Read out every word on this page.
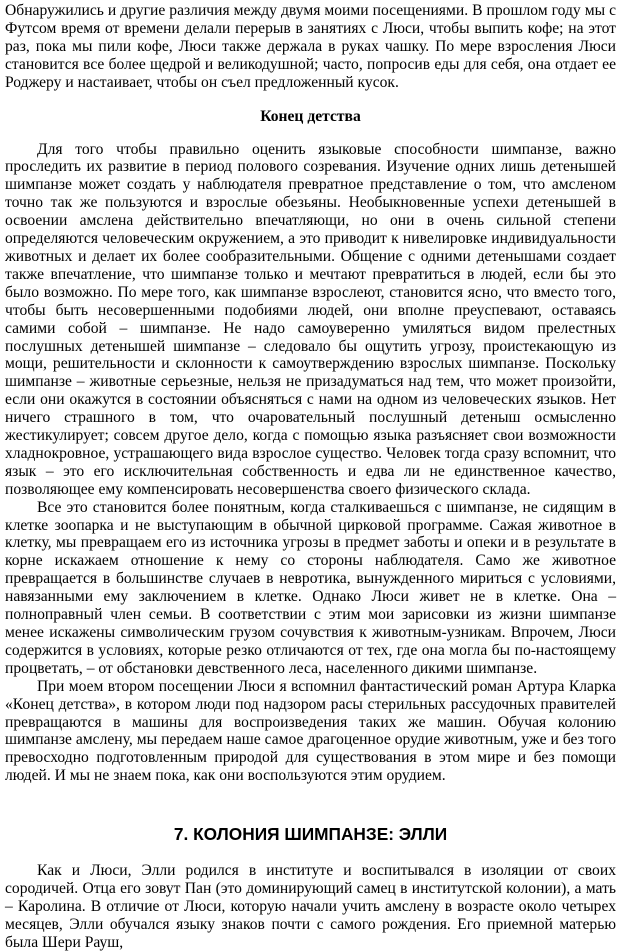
Обнаружились и другие различия между двумя моими посещениями. В прошлом году мы с Футсом время от времени делали перерыв в занятиях с Люси, чтобы выпить кофе; на этот раз, пока мы пили кофе, Люси также держала в руках чашку. По мере взросления Люси становится все более щедрой и великодушной; часто, попросив еды для себя, она отдает ее Роджеру и настаивает, чтобы он съел предложенный кусок.

Конец детства

Для того чтобы правильно оценить языковые способности шимпанзе, важно проследить их развитие в период полового созревания. Изучение одних лишь детенышей шимпанзе может создать у наблюдателя превратное представление о том, что амсленом точно так же пользуются и взрослые обезьяны. Необыкновенные успехи детенышей в освоении амслена действительно впечатляющи, но они в очень сильной степени определяются человеческим окружением, а это приводит к нивелировке индивидуальности животных и делает их более сообразительными. Общение с одними детенышами создает также впечатление, что шимпанзе только и мечтают превратиться в людей, если бы это было возможно. По мере того, как шимпанзе взрослеют, становится ясно, что вместо того, чтобы быть несовершенными подобиями людей, они вполне преуспевают, оставаясь самими собой – шимпанзе. Не надо самоуверенно умиляться видом прелестных послушных детенышей шимпанзе – следовало бы ощутить угрозу, проистекающую из мощи, решительности и склонности к самоутверждению взрослых шимпанзе. Поскольку шимпанзе – животные серьезные, нельзя не призадуматься над тем, что может произойти, если они окажутся в состоянии объясняться с нами на одном из человеческих языков. Нет ничего страшного в том, что очаровательный послушный детеныш осмысленно жестикулирует; совсем другое дело, когда с помощью языка разъясняет свои возможности хладнокровное, устрашающего вида взрослое существо. Человек тогда сразу вспомнит, что язык – это его исключительная собственность и едва ли не единственное качество, позволяющее ему компенсировать несовершенства своего физического склада.

Все это становится более понятным, когда сталкиваешься с шимпанзе, не сидящим в клетке зоопарка и не выступающим в обычной цирковой программе. Сажая животное в клетку, мы превращаем его из источника угрозы в предмет заботы и опеки и в результате в корне искажаем отношение к нему со стороны наблюдателя. Само же животное превращается в большинстве случаев в невротика, вынужденного мириться с условиями, навязанными ему заключением в клетке. Однако Люси живет не в клетке. Она – полноправный член семьи. В соответствии с этим мои зарисовки из жизни шимпанзе менее искажены символическим грузом сочувствия к животным-узникам. Впрочем, Люси содержится в условиях, которые резко отличаются от тех, где она могла бы по-настоящему процветать, – от обстановки девственного леса, населенного дикими шимпанзе.

При моем втором посещении Люси я вспомнил фантастический роман Артура Кларка «Конец детства», в котором люди под надзором расы стерильных рассудочных правителей превращаются в машины для воспроизведения таких же машин. Обучая колонию шимпанзе амслену, мы передаем наше самое драгоценное орудие животным, уже и без того превосходно подготовленным природой для существования в этом мире и без помощи людей. И мы не знаем пока, как они воспользуются этим орудием.

7. КОЛОНИЯ ШИМПАНЗЕ: ЭЛЛИ

Как и Люси, Элли родился в институте и воспитывался в изоляции от своих сородичей. Отца его зовут Пан (это доминирующий самец в институтской колонии), а мать – Каролина. В отличие от Люси, которую начали учить амслену в возрасте около четырех месяцев, Элли обучался языку знаков почти с самого рождения. Его приемной матерью была Шери Рауш,
